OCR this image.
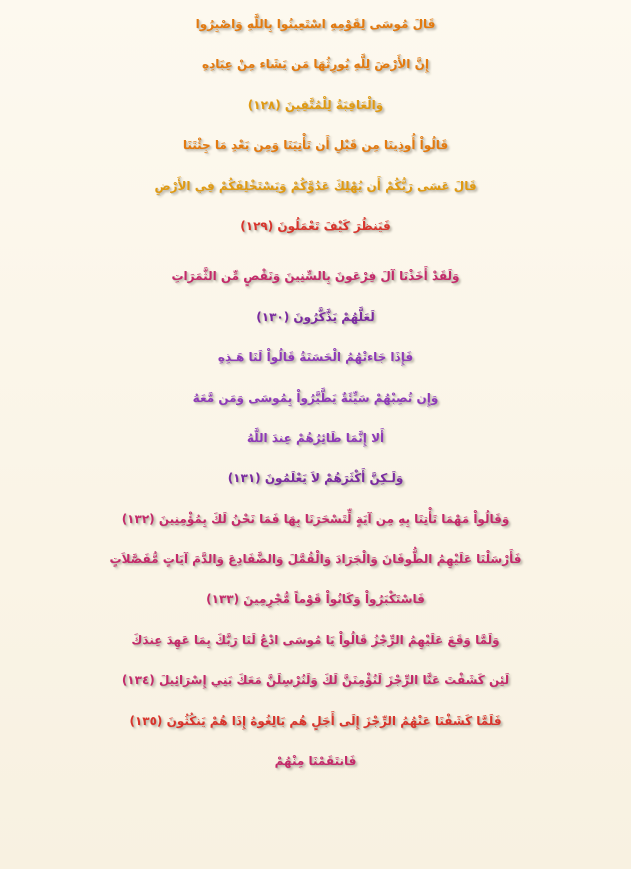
قَالَ مُوسَى لِقَوْمِهِ اسْتَعِينُوا بِاللَّهِ وَاصْبِرُوا
إِنَّ الأَرْضَ لِلَّهِ يُورِثُهَا مَن يَشَاء مِنْ عِبَادِهِ
وَالْعَاقِبَةُ لِلْمُتَّقِينَ (١٢٨)
قَالُواْ أُوذِينَا مِن قَبْلِ أَن تَأْتِيَنَا وَمِن بَعْدِ مَا جِئْتَنَا
قَالَ عَسَى رَبُّكُمْ أَن يُهْلِكَ عَدُوَّكُمْ وَيَسْتَخْلِفَكُمْ فِي الأَرْضِ
فَيَنظُرَ كَيْفَ تَعْمَلُونَ (١٢٩)
وَلَقَدْ أَخَذْنَا آلَ فِرْعَونَ بِالسِّنِينَ وَنَقْصٍ مِّن الثَّمَرَاتِ
لَعَلَّهُمْ يَذَّكَّرُونَ (١٣٠)
فَإِذَا جَاءتْهُمُ الْحَسَنَةُ قَالُواْ لَنَا هَـذِهِ
وَإِن تُصِبْهُمْ سَيِّئَةٌ يَطَّيَّرُواْ بِمُوسَى وَمَن مَّعَهُ
أَلا إِنَّمَا طَائِرُهُمْ عِندَ اللَّهُ
وَلَـكِنَّ أَكْثَرَهُمْ لاَ يَعْلَمُونَ (١٣١)
وَقَالُواْ مَهْمَا تَأْتِنَا بِهِ مِن آيَةٍ لِّتَسْحَرَنَا بِهَا فَمَا نَحْنُ لَكَ بِمُؤْمِنِينَ (١٣٢)
فَأَرْسَلْنَا عَلَيْهِمُ الطُّوفَانَ وَالْجَرَادَ وَالْقُمَّلَ وَالضَّفَادِعَ وَالدَّمَ آيَاتٍ مُّفَصَّلاَتٍ
فَاسْتَكْبَرُواْ وَكَانُواْ قَوْماً مُّجْرِمِينَ (١٣٣)
وَلَمَّا وَقَعَ عَلَيْهِمُ الرِّجْزُ قَالُواْ يَا مُوسَى ادْعُ لَنَا رَبَّكَ بِمَا عَهِدَ عِندَكَ
لَئِن كَشَفْتَ عَنَّا الرِّجْزَ لَنُؤْمِنَنَّ لَكَ وَلَنُرْسِلَنَّ مَعَكَ بَنِي إِسْرَائِيلَ (١٣٤)
فَلَمَّا كَشَفْنَا عَنْهُمُ الرِّجْزَ إِلَى أَجَلٍ هُم بَالِغُوهُ إِذَا هُمْ يَنكُثُونَ (١٣٥)
فَانتَقَمْنَا مِنْهُمْ
